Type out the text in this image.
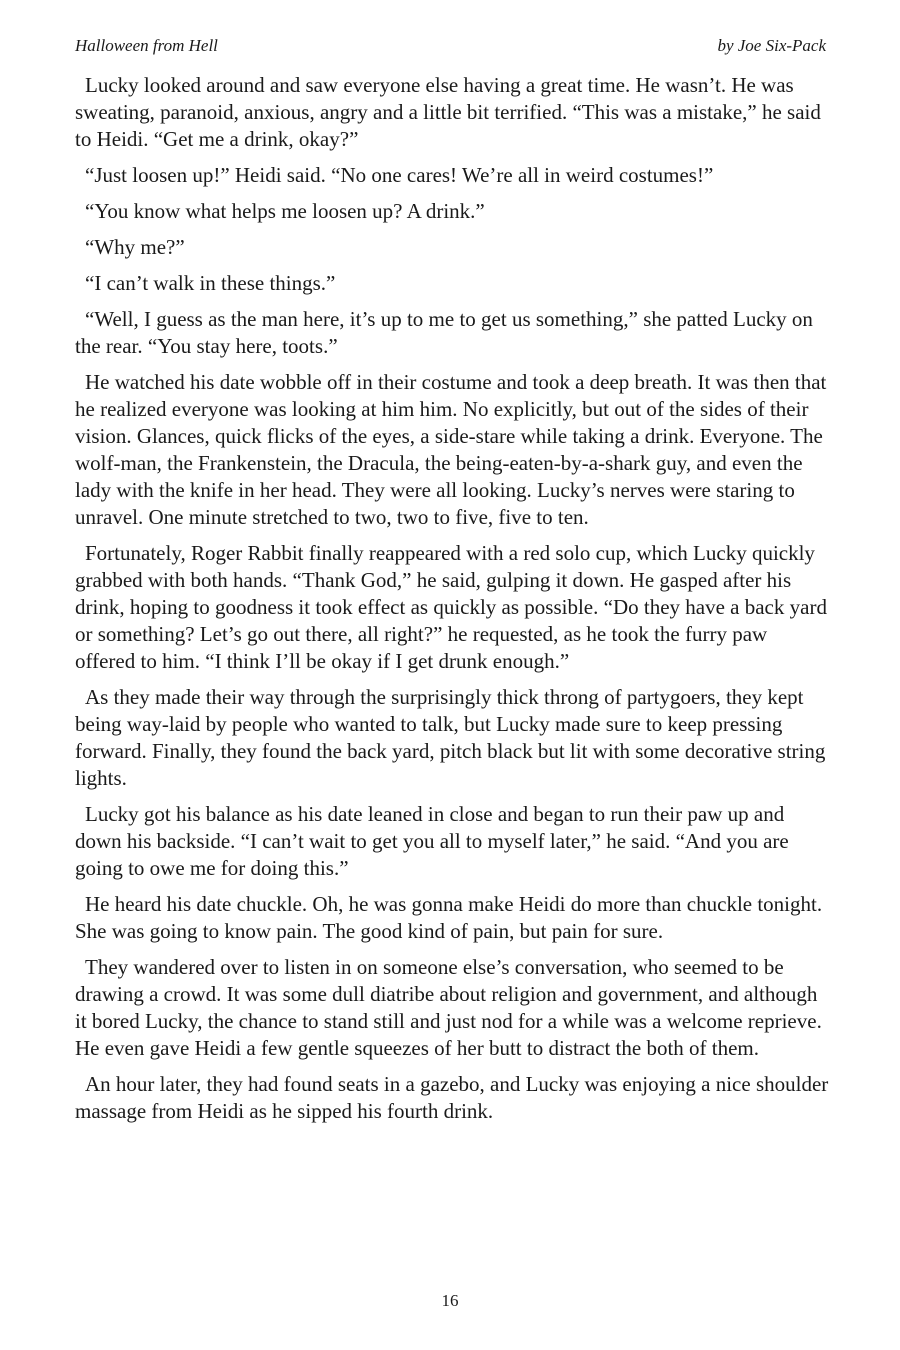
Halloween from Hell	by Joe Six-Pack

Lucky looked around and saw everyone else having a great time. He wasn’t. He was sweating, paranoid, anxious, angry and a little bit terrified. “This was a mistake,” he said to Heidi. “Get me a drink, okay?”

“Just loosen up!” Heidi said. “No one cares! We’re all in weird costumes!”

“You know what helps me loosen up? A drink.”

“Why me?”

“I can’t walk in these things.”

“Well, I guess as the man here, it’s up to me to get us something,” she patted Lucky on the rear. “You stay here, toots.”

He watched his date wobble off in their costume and took a deep breath. It was then that he realized everyone was looking at him him. No explicitly, but out of the sides of their vision. Glances, quick flicks of the eyes, a side-stare while taking a drink. Everyone. The wolf-man, the Frankenstein, the Dracula, the being-eaten-by-a-shark guy, and even the lady with the knife in her head. They were all looking. Lucky’s nerves were staring to unravel. One minute stretched to two, two to five, five to ten.

Fortunately, Roger Rabbit finally reappeared with a red solo cup, which Lucky quickly grabbed with both hands. “Thank God,” he said, gulping it down. He gasped after his drink, hoping to goodness it took effect as quickly as possible. “Do they have a back yard or something? Let’s go out there, all right?” he requested, as he took the furry paw offered to him. “I think I’ll be okay if I get drunk enough.”

As they made their way through the surprisingly thick throng of partygoers, they kept being way-laid by people who wanted to talk, but Lucky made sure to keep pressing forward. Finally, they found the back yard, pitch black but lit with some decorative string lights.

Lucky got his balance as his date leaned in close and began to run their paw up and down his backside. “I can’t wait to get you all to myself later,” he said. “And you are going to owe me for doing this.”

He heard his date chuckle. Oh, he was gonna make Heidi do more than chuckle tonight. She was going to know pain. The good kind of pain, but pain for sure.

They wandered over to listen in on someone else’s conversation, who seemed to be drawing a crowd. It was some dull diatribe about religion and government, and although it bored Lucky, the chance to stand still and just nod for a while was a welcome reprieve. He even gave Heidi a few gentle squeezes of her butt to distract the both of them.

An hour later, they had found seats in a gazebo, and Lucky was enjoying a nice shoulder massage from Heidi as he sipped his fourth drink.

16
